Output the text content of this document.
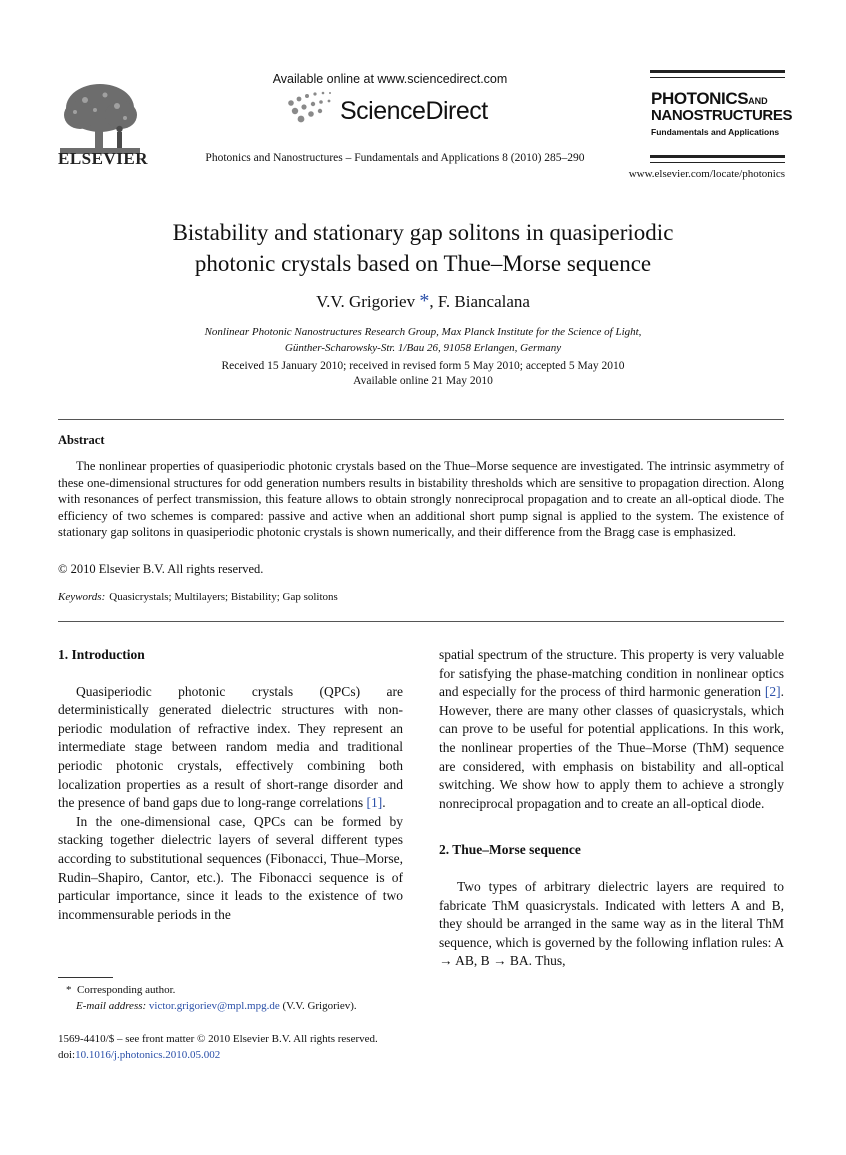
ELSEVIER
Available online at www.sciencedirect.com
ScienceDirect
Photonics and Nanostructures – Fundamentals and Applications 8 (2010) 285–290
PHOTONICSAND
NANOSTRUCTURES
Fundamentals and Applications
www.elsevier.com/locate/photonics
Bistability and stationary gap solitons in quasiperiodic
photonic crystals based on Thue–Morse sequence
V.V. Grigoriev *, F. Biancalana
Nonlinear Photonic Nanostructures Research Group, Max Planck Institute for the Science of Light,
Günther-Scharowsky-Str. 1/Bau 26, 91058 Erlangen, Germany
Received 15 January 2010; received in revised form 5 May 2010; accepted 5 May 2010
Available online 21 May 2010
Abstract
The nonlinear properties of quasiperiodic photonic crystals based on the Thue–Morse sequence are investigated. The intrinsic asymmetry of these one-dimensional structures for odd generation numbers results in bistability thresholds which are sensitive to propagation direction. Along with resonances of perfect transmission, this feature allows to obtain strongly nonreciprocal propagation and to create an all-optical diode. The efficiency of two schemes is compared: passive and active when an additional short pump signal is applied to the system. The existence of stationary gap solitons in quasiperiodic photonic crystals is shown numerically, and their difference from the Bragg case is emphasized.
© 2010 Elsevier B.V. All rights reserved.
Keywords: Quasicrystals; Multilayers; Bistability; Gap solitons
1. Introduction

Quasiperiodic photonic crystals (QPCs) are deterministically generated dielectric structures with non-periodic modulation of refractive index. They represent an intermediate stage between random media and traditional periodic photonic crystals, effectively combining both localization properties as a result of short-range disorder and the presence of band gaps due to long-range correlations [1].

In the one-dimensional case, QPCs can be formed by stacking together dielectric layers of several different types according to substitutional sequences (Fibonacci, Thue–Morse, Rudin–Shapiro, Cantor, etc.). The Fibonacci sequence is of particular importance, since it leads to the existence of two incommensurable periods in the

spatial spectrum of the structure. This property is very valuable for satisfying the phase-matching condition in nonlinear optics and especially for the process of third harmonic generation [2]. However, there are many other classes of quasicrystals, which can prove to be useful for potential applications. In this work, the nonlinear properties of the Thue–Morse (ThM) sequence are considered, with emphasis on bistability and all-optical switching. We show how to apply them to achieve a strongly nonreciprocal propagation and to create an all-optical diode.

2. Thue–Morse sequence

Two types of arbitrary dielectric layers are required to fabricate ThM quasicrystals. Indicated with letters A and B, they should be arranged in the same way as in the literal ThM sequence, which is governed by the following inflation rules: A → AB, B → BA. Thus,

* Corresponding author.
E-mail address: victor.grigoriev@mpl.mpg.de (V.V. Grigoriev).
1569-4410/$ – see front matter © 2010 Elsevier B.V. All rights reserved.
doi:10.1016/j.photonics.2010.05.002
